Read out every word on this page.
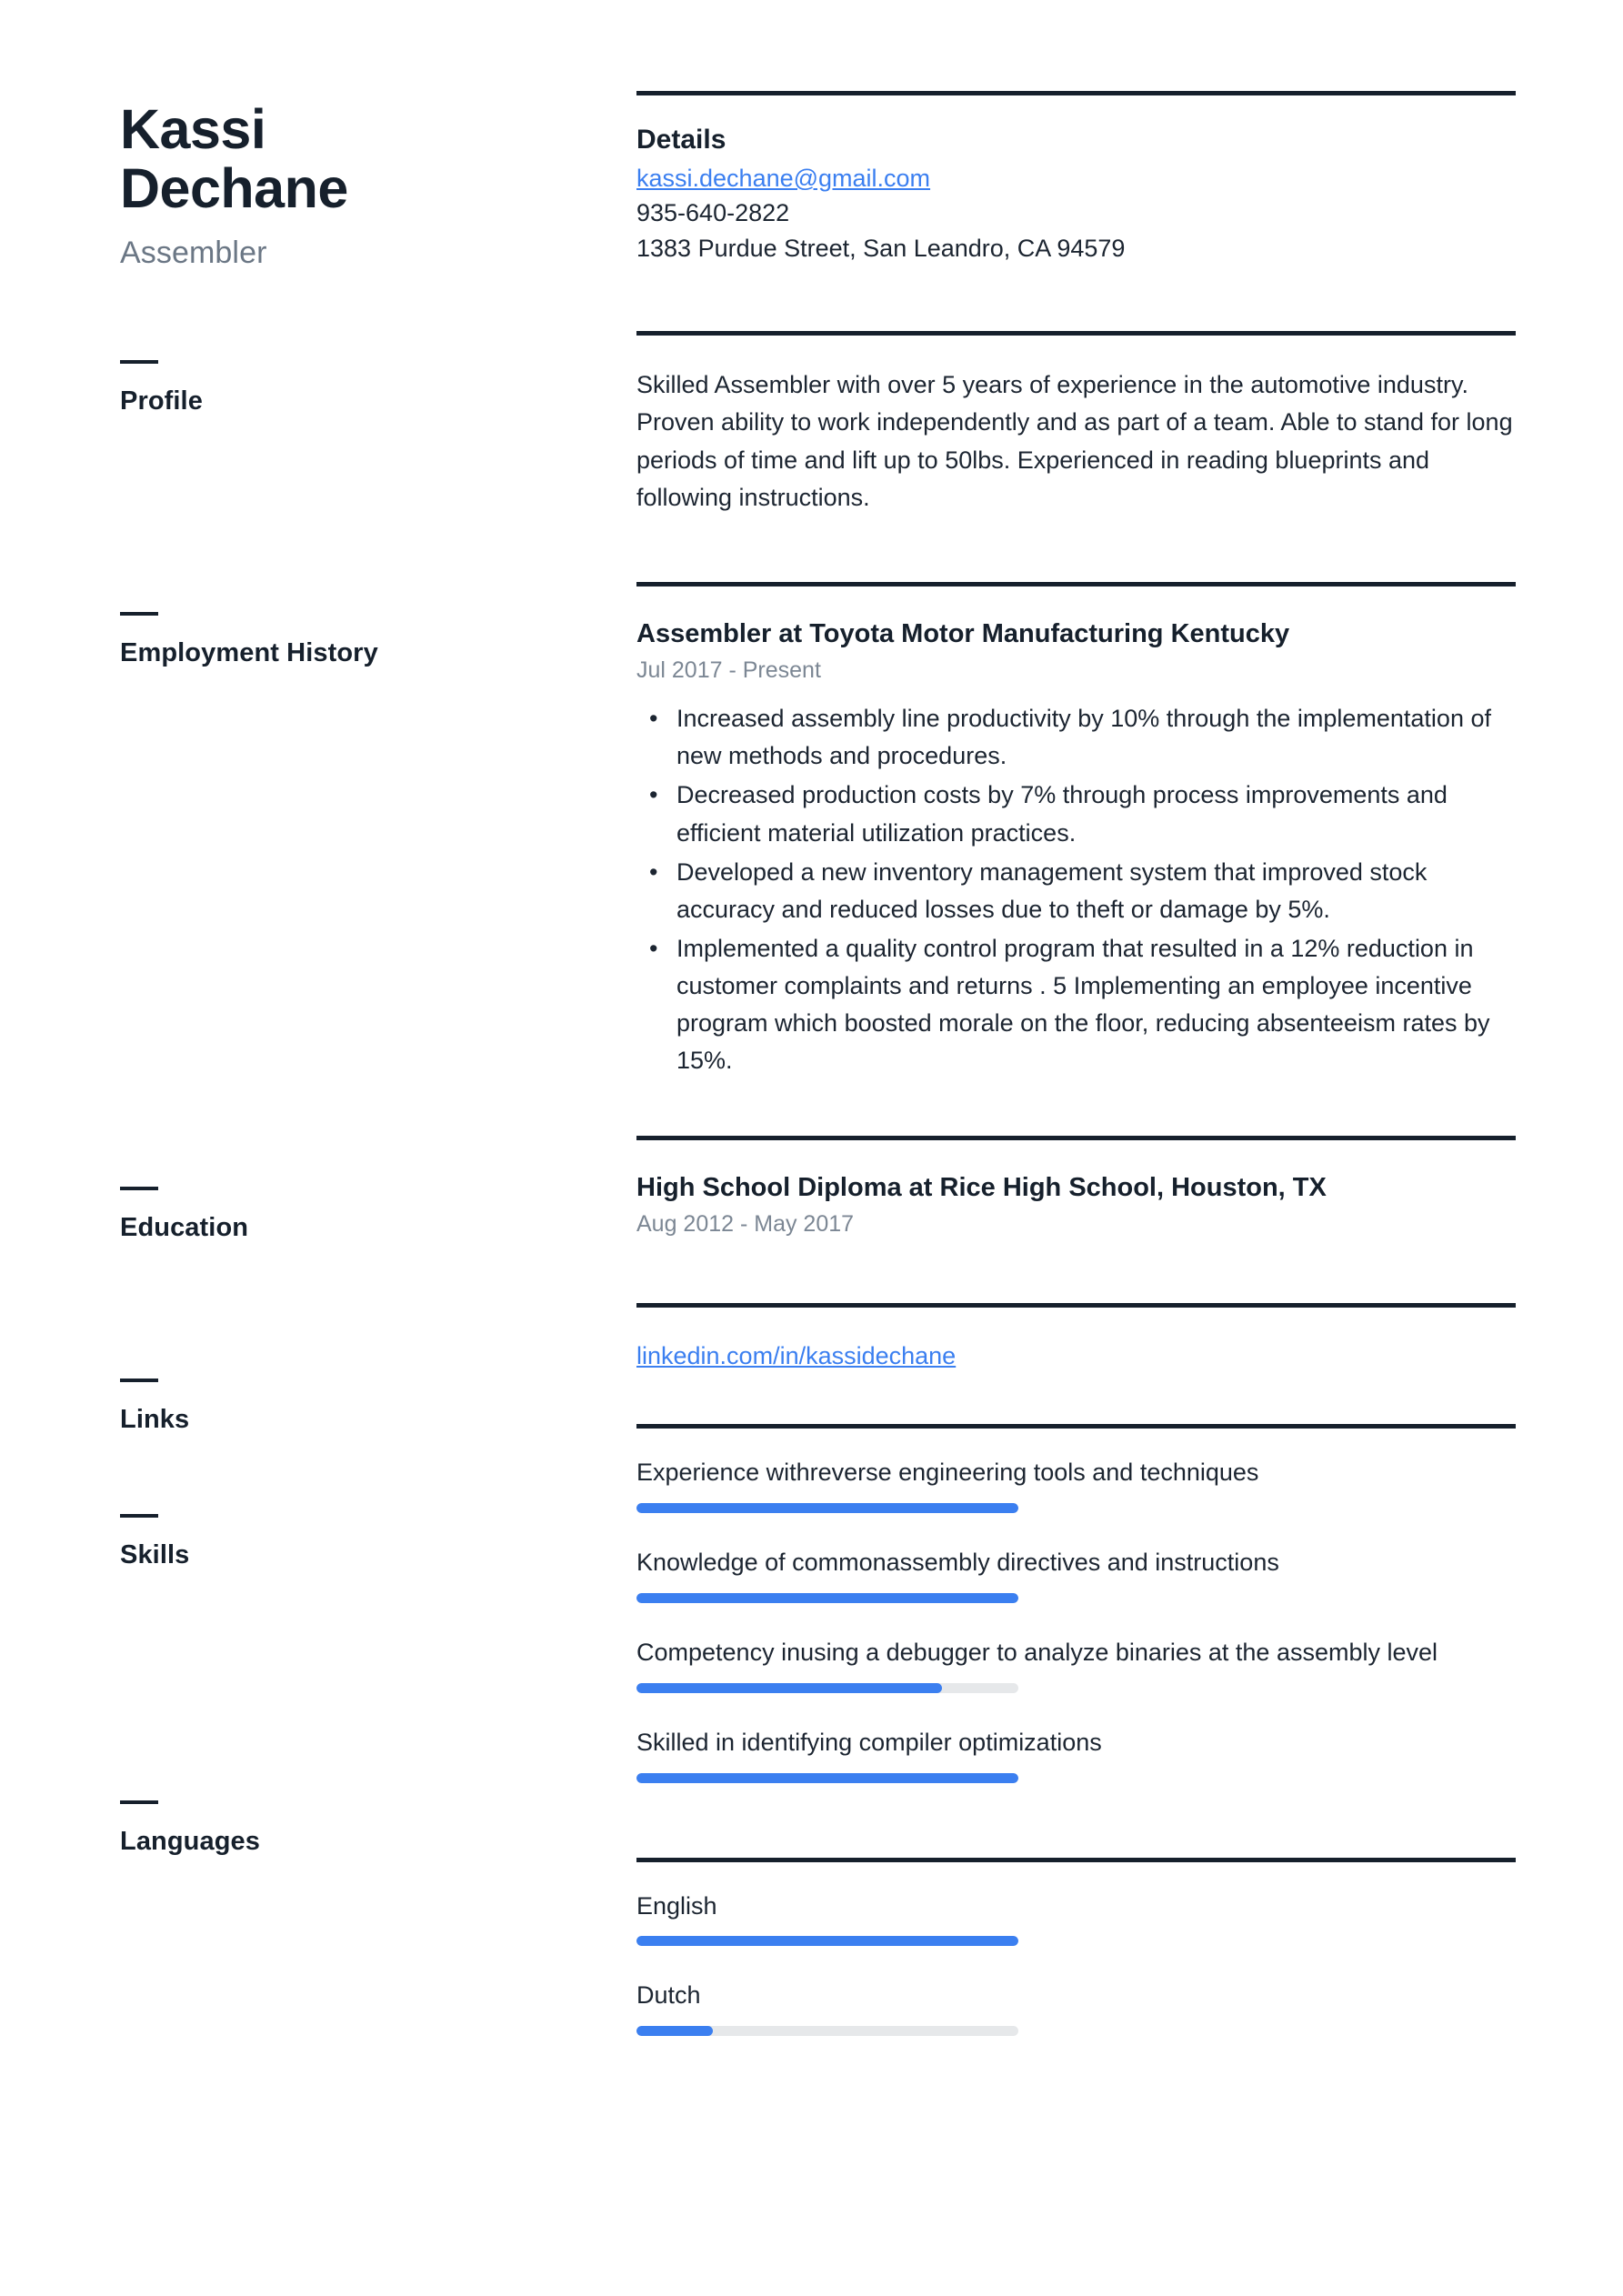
Kassi
Dechane
Assembler
Profile
Employment History
Education
Links
Skills
Languages
Details
kassi.dechane@gmail.com
935-640-2822
1383 Purdue Street, San Leandro, CA 94579
Skilled Assembler with over 5 years of experience in the automotive industry. Proven ability to work independently and as part of a team. Able to stand for long periods of time and lift up to 50lbs. Experienced in reading blueprints and following instructions.
Assembler at Toyota Motor Manufacturing Kentucky
Jul 2017 - Present
• Increased assembly line productivity by 10% through the implementation of new methods and procedures.
• Decreased production costs by 7% through process improvements and efficient material utilization practices.
• Developed a new inventory management system that improved stock accuracy and reduced losses due to theft or damage by 5%.
• Implemented a quality control program that resulted in a 12% reduction in customer complaints and returns . 5 Implementing an employee incentive program which boosted morale on the floor, reducing absenteeism rates by 15%.
High School Diploma at Rice High School, Houston, TX
Aug 2012 - May 2017
linkedin.com/in/kassidechane
Experience withreverse engineering tools and techniques
Knowledge of commonassembly directives and instructions
Competency inusing a debugger to analyze binaries at the assembly level
Skilled in identifying compiler optimizations
English
Dutch
